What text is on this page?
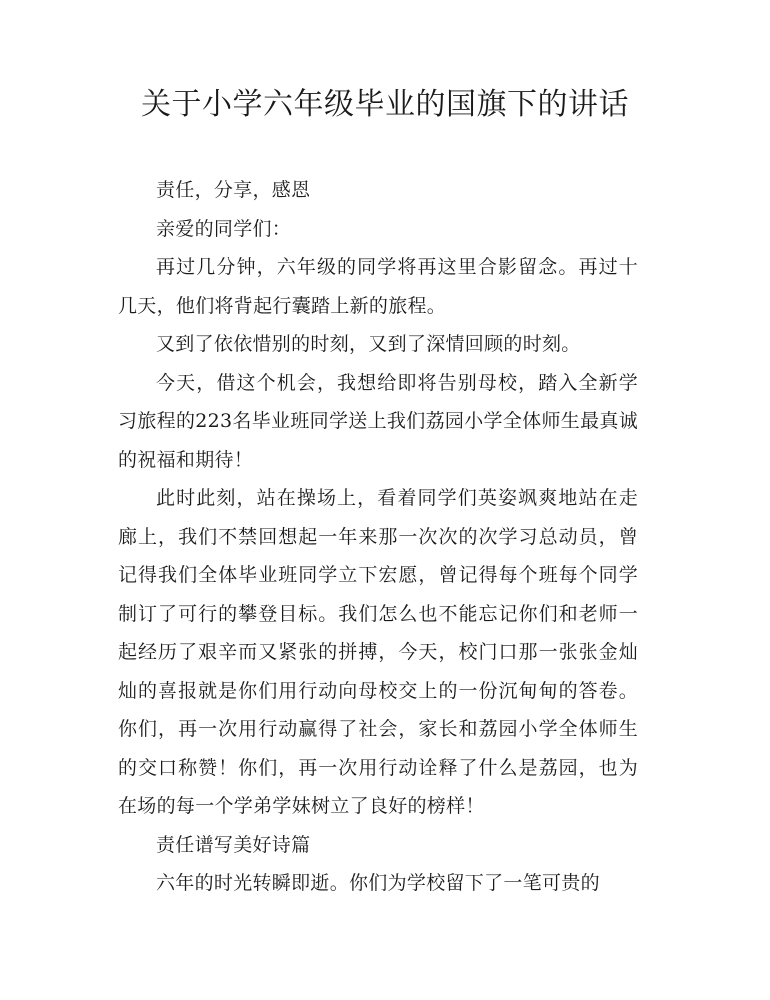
关于小学六年级毕业的国旗下的讲话

责任，分享，感恩

亲爱的同学们：

再过几分钟，六年级的同学将再这里合影留念。再过十几天，他们将背起行囊踏上新的旅程。

又到了依依惜别的时刻，又到了深情回顾的时刻。

今天，借这个机会，我想给即将告别母校，踏入全新学习旅程的223名毕业班同学送上我们荔园小学全体师生最真诚的祝福和期待！

此时此刻，站在操场上，看着同学们英姿飒爽地站在走廊上，我们不禁回想起一年来那一次次的次学习总动员，曾记得我们全体毕业班同学立下宏愿，曾记得每个班每个同学制订了可行的攀登目标。我们怎么也不能忘记你们和老师一起经历了艰辛而又紧张的拼搏，今天，校门口那一张张金灿灿的喜报就是你们用行动向母校交上的一份沉甸甸的答卷。你们，再一次用行动赢得了社会，家长和荔园小学全体师生的交口称赞！你们，再一次用行动诠释了什么是荔园，也为在场的每一个学弟学妹树立了良好的榜样！

责任谱写美好诗篇

六年的时光转瞬即逝。你们为学校留下了一笔可贵的
